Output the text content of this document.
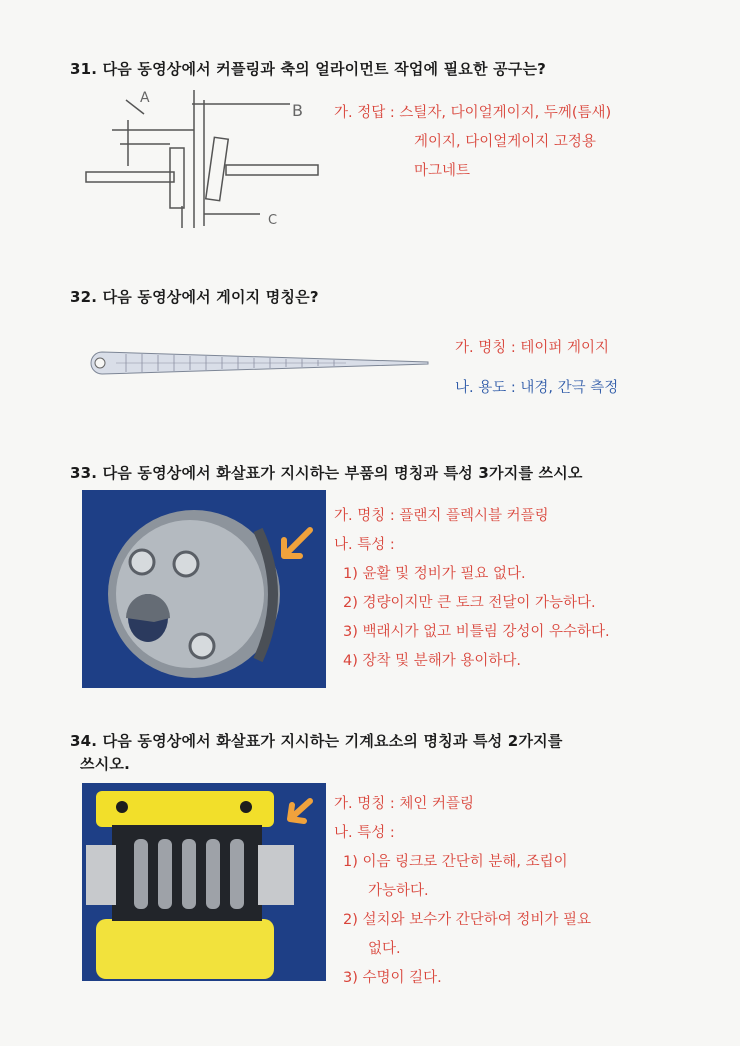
31. 다음 동영상에서 커플링과 축의 얼라이먼트 작업에 필요한 공구는?
A
B
C
가. 정답 : 스틸자, 다이얼게이지, 두께(틈새)
게이지, 다이얼게이지 고정용
마그네트
32. 다음 동영상에서 게이지 명칭은?
가. 명칭 : 테이퍼 게이지
나. 용도 : 내경, 간극 측정
33. 다음 동영상에서 화살표가 지시하는 부품의 명칭과 특성 3가지를 쓰시오
가. 명칭 : 플랜지 플렉시블 커플링
나. 특성 :
1) 윤활 및 정비가 필요 없다.
2) 경량이지만 큰 토크 전달이 가능하다.
3) 백래시가 없고 비틀림 강성이 우수하다.
4) 장착 및 분해가 용이하다.
34. 다음 동영상에서 화살표가 지시하는 기계요소의 명칭과 특성 2가지를
쓰시오.
가. 명칭 : 체인 커플링
나. 특성 :
1) 이음 링크로 간단히 분해, 조립이
가능하다.
2) 설치와 보수가 간단하여 정비가 필요
없다.
3) 수명이 길다.
